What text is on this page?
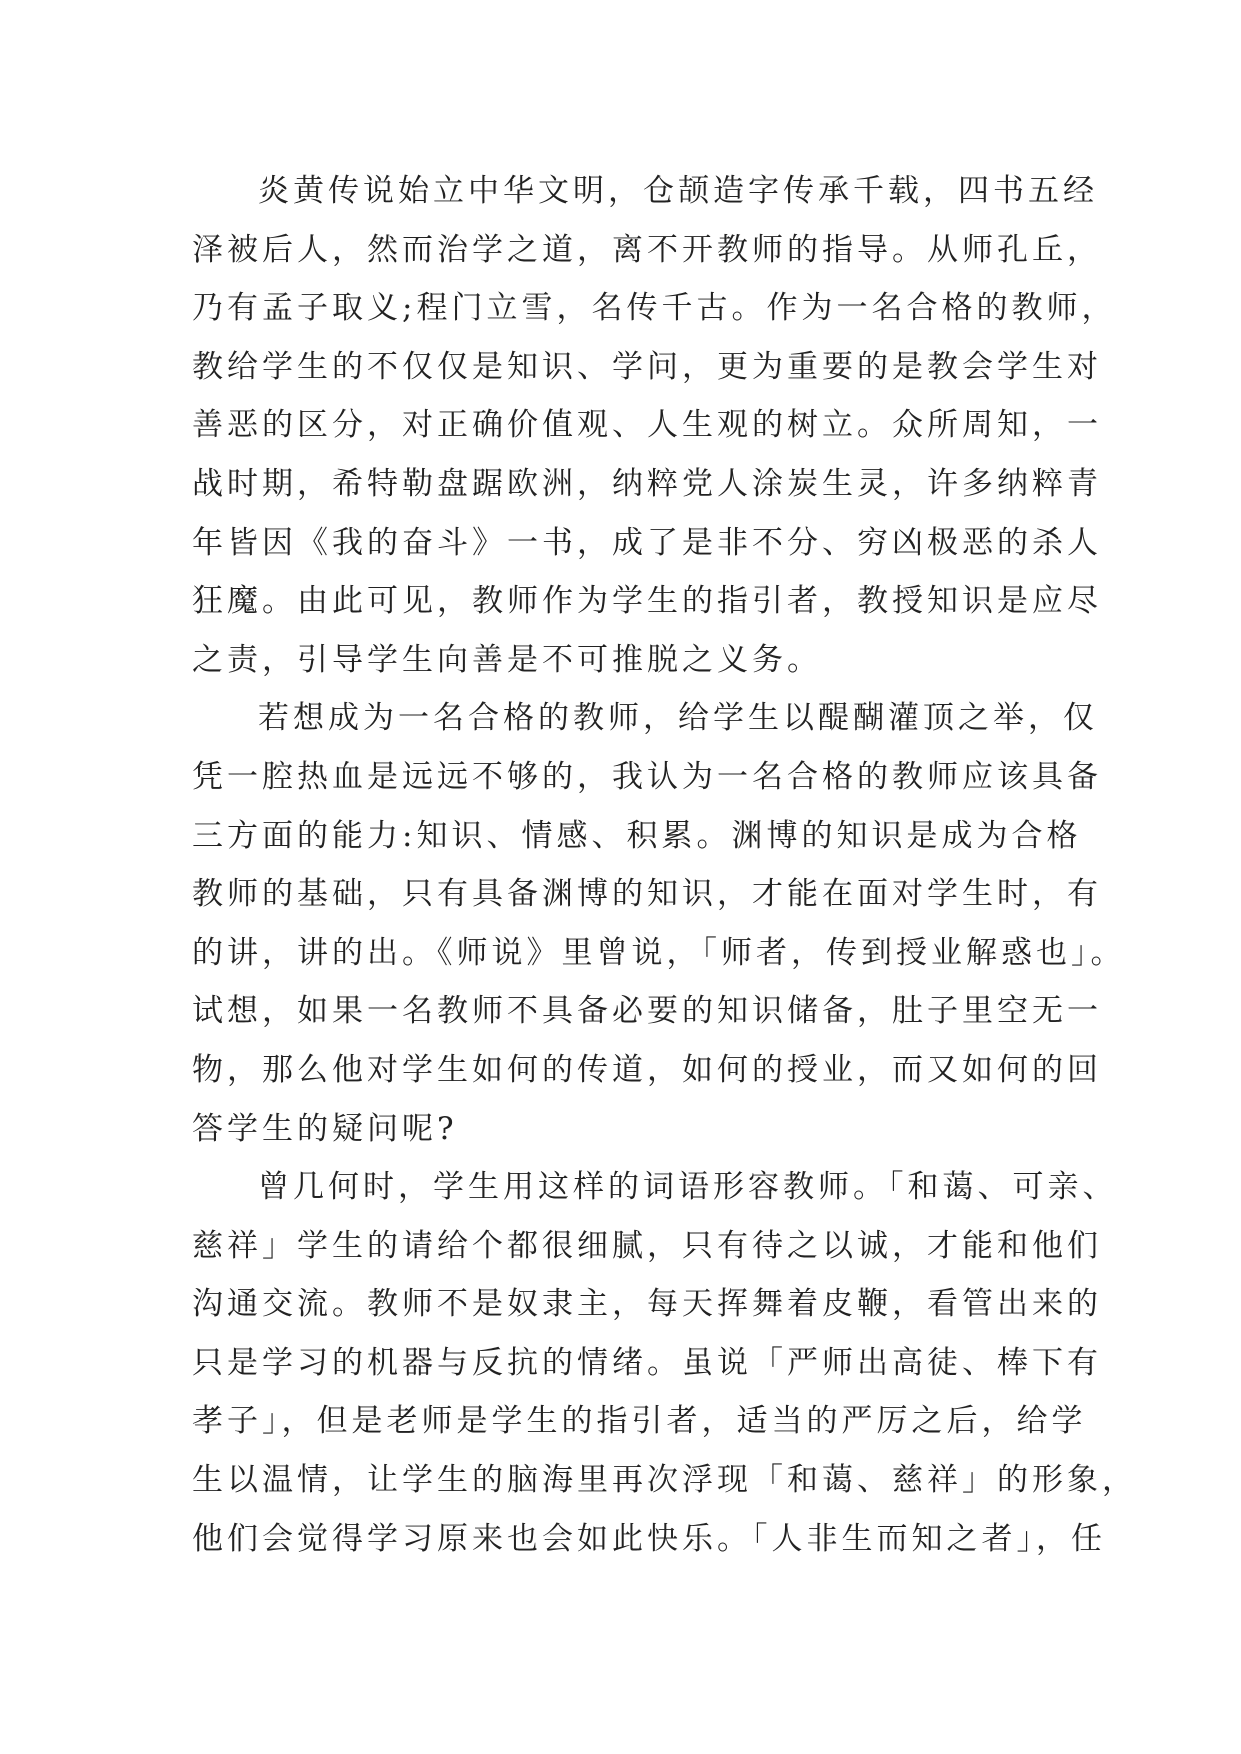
炎黄传说始立中华文明，仓颉造字传承千载，四书五经
泽被后人，然而治学之道，离不开教师的指导。从师孔丘，
乃有孟子取义;程门立雪，名传千古。作为一名合格的教师，
教给学生的不仅仅是知识、学问，更为重要的是教会学生对
善恶的区分，对正确价值观、人生观的树立。众所周知，一
战时期，希特勒盘踞欧洲，纳粹党人涂炭生灵，许多纳粹青
年皆因《我的奋斗》一书，成了是非不分、穷凶极恶的杀人
狂魔。由此可见，教师作为学生的指引者，教授知识是应尽
之责，引导学生向善是不可推脱之义务。
若想成为一名合格的教师，给学生以醍醐灌顶之举，仅
凭一腔热血是远远不够的，我认为一名合格的教师应该具备
三方面的能力:知识、情感、积累。渊博的知识是成为合格
教师的基础，只有具备渊博的知识，才能在面对学生时，有
的讲，讲的出。《师说》里曾说，「师者，传到授业解惑也」。
试想，如果一名教师不具备必要的知识储备，肚子里空无一
物，那么他对学生如何的传道，如何的授业，而又如何的回
答学生的疑问呢?
曾几何时，学生用这样的词语形容教师。「和蔼、可亲、
慈祥」学生的请给个都很细腻，只有待之以诚，才能和他们
沟通交流。教师不是奴隶主，每天挥舞着皮鞭，看管出来的
只是学习的机器与反抗的情绪。虽说「严师出高徒、棒下有
孝子」，但是老师是学生的指引者，适当的严厉之后，给学
生以温情，让学生的脑海里再次浮现「和蔼、慈祥」的形象，
他们会觉得学习原来也会如此快乐。「人非生而知之者」，任
